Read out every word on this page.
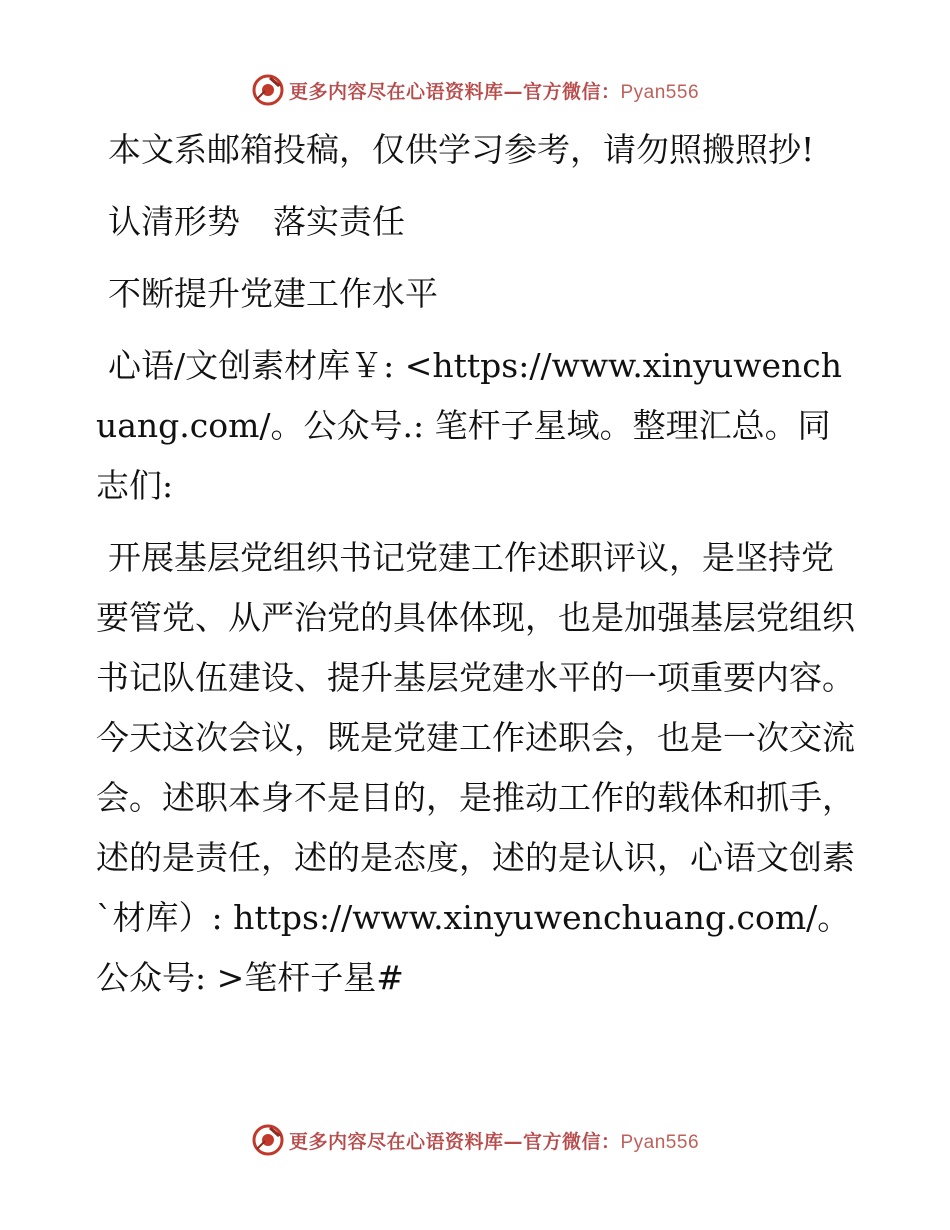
更多内容尽在心语资料库—官方微信：Pyan556

本文系邮箱投稿，仅供学习参考，请勿照搬照抄!

认清形势　落实责任

不断提升党建工作水平

心语/文创素材库￥: <https://www.xinyuwenchuang.com/。公众号.: 笔杆子星域。整理汇总。同志们:

开展基层党组织书记党建工作述职评议，是坚持党要管党、从严治党的具体体现，也是加强基层党组织书记队伍建设、提升基层党建水平的一项重要内容。今天这次会议，既是党建工作述职会，也是一次交流会。述职本身不是目的，是推动工作的载体和抓手，述的是责任，述的是态度，述的是认识，心语文创素`材库）: https://www.xinyuwenchuang.com/。公众号: >笔杆子星#

更多内容尽在心语资料库—官方微信：Pyan556
